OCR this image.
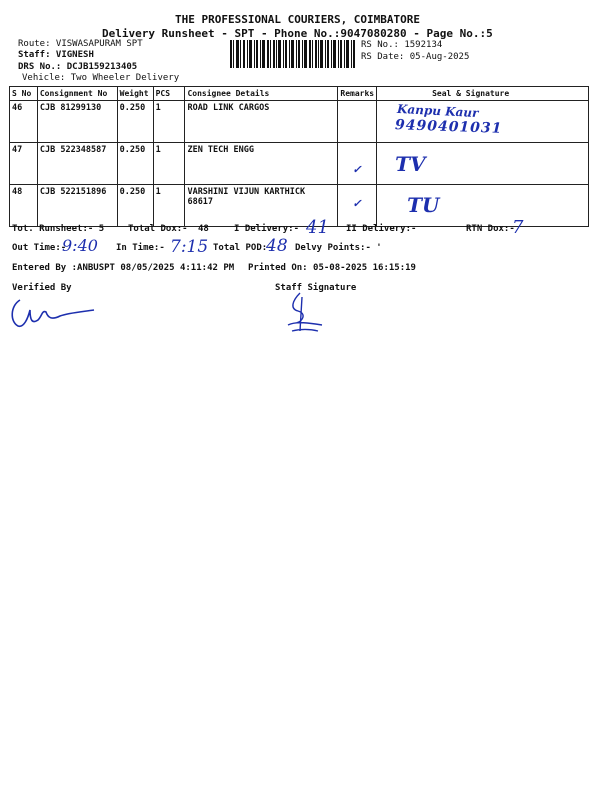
THE PROFESSIONAL COURIERS, COIMBATORE
Delivery Runsheet - SPT - Phone No.:9047080280 - Page No.:5
Route: VISWASAPURAM SPT
Staff: VIGNESH
DRS No.: DCJB159213405
Vehicle: Two Wheeler Delivery
RS No.: 1592134
RS Date: 05-Aug-2025
S No	Consignment No	Weight	PCS	Consignee Details	Remarks	Seal & Signature
46	CJB 81299130	0.250	1	ROAD LINK CARGOS		Kanpu Kaur
9490401031

47	CJB 522348587	0.250	1	ZEN TECH ENGG	✓	TV

48	CJB 522151896	0.250	1	VARSHINI VIJUN KARTHICK 68617	✓	TU
Tot. Runsheet:- 5	Total Dox:- 48	I Delivery:- 41 II Delivery:-	RTN Dox:-
7
Out Time:-
9:40 In Time:- 7:15 Total POD:-
48 Delvy Points:- '
Entered By :ANBUSPT 08/05/2025 4:11:42 PM Printed On: 05-08-2025 16:15:19
Verified By	Staff Signature
